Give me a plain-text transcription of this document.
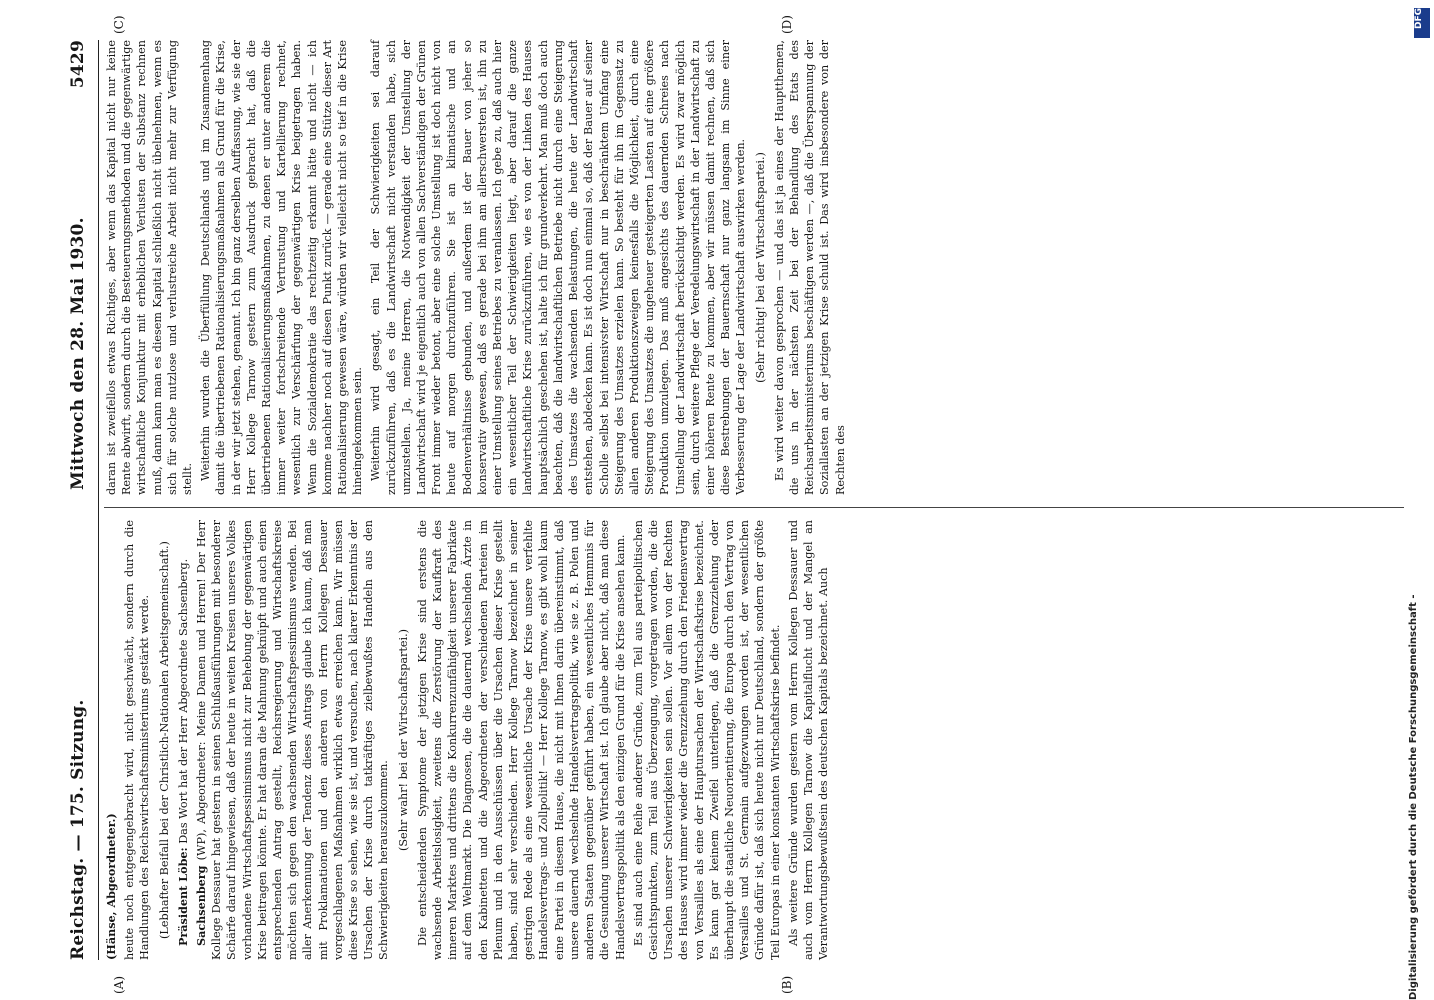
Reichstag. — 175. Sitzung.
Mittwoch den 28. Mai 1930.
5429
(A)	(B)
(C)	(D)

(Hänse, Abgeordneter.) heute noch entgegengebracht wird, nicht geschwächt, sondern durch die Handlungen des Reichswirtschaftsministeriums gestärkt werde. (Lebhafter Beifall bei der Christlich-Nationalen Arbeitsgemeinschaft.) Präsident Löbe: Das Wort hat der Herr Abgeordnete Sachsenberg.

Sachsenberg (WP), Abgeordneter: Meine Damen und Herren! Der Herr Kollege Dessauer hat gestern in seinen Schlußausführungen mit besonderer Schärfe darauf hingewiesen, daß der heute in weiten Kreisen unseres Volkes vorhandene Wirtschaftspessimismus nicht zur Behebung der gegenwärtigen Krise beitragen könnte. Er hat daran die Mahnung geknüpft und auch einen entsprechenden Antrag gestellt, Reichsregierung und Wirtschaftskreise möchten sich gegen den wachsenden Wirtschaftspessimismus wenden. Bei aller Anerkennung der Tendenz dieses Antrags glaube ich kaum, daß man mit Proklamationen und den anderen von Herrn Kollegen Dessauer vorgeschlagenen Maßnahmen wirklich etwas erreichen kann. Wir müssen diese Krise so sehen, wie sie ist, und versuchen, nach klarer Erkenntnis der Ursachen der Krise durch tatkräftiges zielbewußtes Handeln aus den Schwierigkeiten herauszukommen.

(Sehr wahr! bei der Wirtschaftspartei.) Die entscheidenden Symptome der jetzigen Krise sind erstens die wachsende Arbeitslosigkeit, zweitens die Zerstörung der Kaufkraft des inneren Marktes und drittens die Konkurrenzunfähigkeit unserer Fabrikate auf dem Weltmarkt. Die Diagnosen, die die dauernd wechselnden Ärzte in den Kabinetten und die Abgeordneten der verschiedenen Parteien im Plenum und in den Ausschüssen über die Ursachen dieser Krise gestellt haben, sind sehr verschieden. Herr Kollege Tarnow bezeichnet in seiner gestrigen Rede als eine wesentliche Ursache der Krise unsere verfehlte Handelsvertrags- und Zollpolitik! — Herr Kollege Tarnow, es gibt wohl kaum eine Partei in diesem Hause, die nicht mit Ihnen darin übereinstimmt, daß unsere dauernd wechselnde Handelsvertragspolitik, wie sie z. B. Polen und anderen Staaten gegenüber geführt haben, ein wesentliches Hemmnis für die Gesundung unserer Wirtschaft ist. Ich glaube aber nicht, daß man diese Handelsvertragspolitik als den einzigen Grund für die Krise ansehen kann. Es sind auch eine Reihe anderer Gründe, zum Teil aus parteipolitischen Gesichtspunkten, zum Teil aus Überzeugung, vorgetragen worden, die die Ursachen unserer Schwierigkeiten sein sollen. Vor allem von der Rechten des Hauses wird immer wieder die Grenzziehung durch den Friedensvertrag von Versailles als eine der Hauptursachen der Wirtschaftskrise bezeichnet. Es kann gar keinem Zweifel unterliegen, daß die Grenzziehung oder überhaupt die staatliche Neuorientierung, die Europa durch den Vertrag von Versailles und St. Germain aufgezwungen worden ist, der wesentlichen Gründe dafür ist, daß sich heute nicht nur Deutschland, sondern der größte Teil Europas in einer konstanten Wirtschaftskrise befindet. Als weitere Gründe wurden gestern vom Herrn Kollegen Dessauer und auch vom Herrn Kollegen Tarnow die Kapitalflucht und der Mangel an Verantwortungsbewußtsein des deutschen Kapitals bezeichnet. Auch

daran ist zweifellos etwas Richtiges, aber wenn das Kapital nicht nur keine Rente abwirft, sondern durch die Besteuerungsmethoden und die gegenwärtige wirtschaftliche Konjunktur mit erheblichen Verlusten der Substanz rechnen muß, dann kann man es diesem Kapital schließlich nicht übelnehmen, wenn es sich für solche nutzlose und verlustreiche Arbeit nicht mehr zur Verfügung stellt. Weiterhin wurden die Überfüllung Deutschlands und im Zusammenhang damit die übertriebenen Rationalisierungsmaßnahmen als Grund für die Krise, in der wir jetzt stehen, genannt. Ich bin ganz derselben Auffassung, wie sie der Herr Kollege Tarnow gestern zum Ausdruck gebracht hat, daß die übertriebenen Rationalisierungsmaßnahmen, zu denen er unter anderem die immer weiter fortschreitende Vertrustung und Kartellierung rechnet, wesentlich zur Verschärfung der gegenwärtigen Krise beigetragen haben. Wenn die Sozialdemokratie das rechtzeitig erkannt hätte und nicht — ich komme nachher noch auf diesen Punkt zurück — gerade eine Stütze dieser Art Rationalisierung gewesen wäre, würden wir vielleicht nicht so tief in die Krise hineingekommen sein. Weiterhin wird gesagt, ein Teil der Schwierigkeiten sei darauf zurückzuführen, daß es die Landwirtschaft nicht verstanden habe, sich umzustellen. Ja, meine Herren, die Notwendigkeit der Umstellung der Landwirtschaft wird je eigentlich auch von allen Sachverständigen der Grünen Front immer wieder betont, aber eine solche Umstellung ist doch nicht von heute auf morgen durchzuführen. Sie ist an klimatische und an Bodenverhältnisse gebunden, und außerdem ist der Bauer von jeher so konservativ gewesen, daß es gerade bei ihm am allerschwersten ist, ihn zu einer Umstellung seines Betriebes zu veranlassen. Ich gebe zu, daß auch hier ein wesentlicher Teil der Schwierigkeiten liegt, aber darauf die ganze landwirtschaftliche Krise zurückzuführen, wie es von der Linken des Hauses hauptsächlich geschehen ist, halte ich für grundverkehrt. Man muß doch auch beachten, daß die landwirtschaftlichen Betriebe nicht durch eine Steigerung des Umsatzes die wachsenden Belastungen, die heute der Landwirtschaft entstehen, abdecken kann. Es ist doch nun einmal so, daß der Bauer auf seiner Scholle selbst bei intensivster Wirtschaft nur in beschränktem Umfang eine Steigerung des Umsatzes erzielen kann. So besteht für ihn im Gegensatz zu allen anderen Produktionszweigen keinesfalls die Möglichkeit, durch eine Steigerung des Umsatzes die ungeheuer gesteigerten Lasten auf eine größere Produktion umzulegen. Das muß angesichts des dauernden Schreies nach Umstellung der Landwirtschaft berücksichtigt werden. Es wird zwar möglich sein, durch weitere Pflege der Veredelungswirtschaft in der Landwirtschaft zu einer höheren Rente zu kommen, aber wir müssen damit rechnen, daß sich diese Bestrebungen der Bauernschaft nur ganz langsam im Sinne einer Verbesserung der Lage der Landwirtschaft auswirken werden. (Sehr richtig! bei der Wirtschaftspartei.) Es wird weiter davon gesprochen — und das ist ja eines der Hauptthemen, die uns in der nächsten Zeit bei der Behandlung des Etats des Reichsarbeitsministeriums beschäftigen werden —, daß die Überspannung der Soziallasten an der jetzigen Krise schuld ist. Das wird insbesondere von der Rechten des

Digitalisierung gefördert durch die Deutsche Forschungsgemeinschaft -
DFG
